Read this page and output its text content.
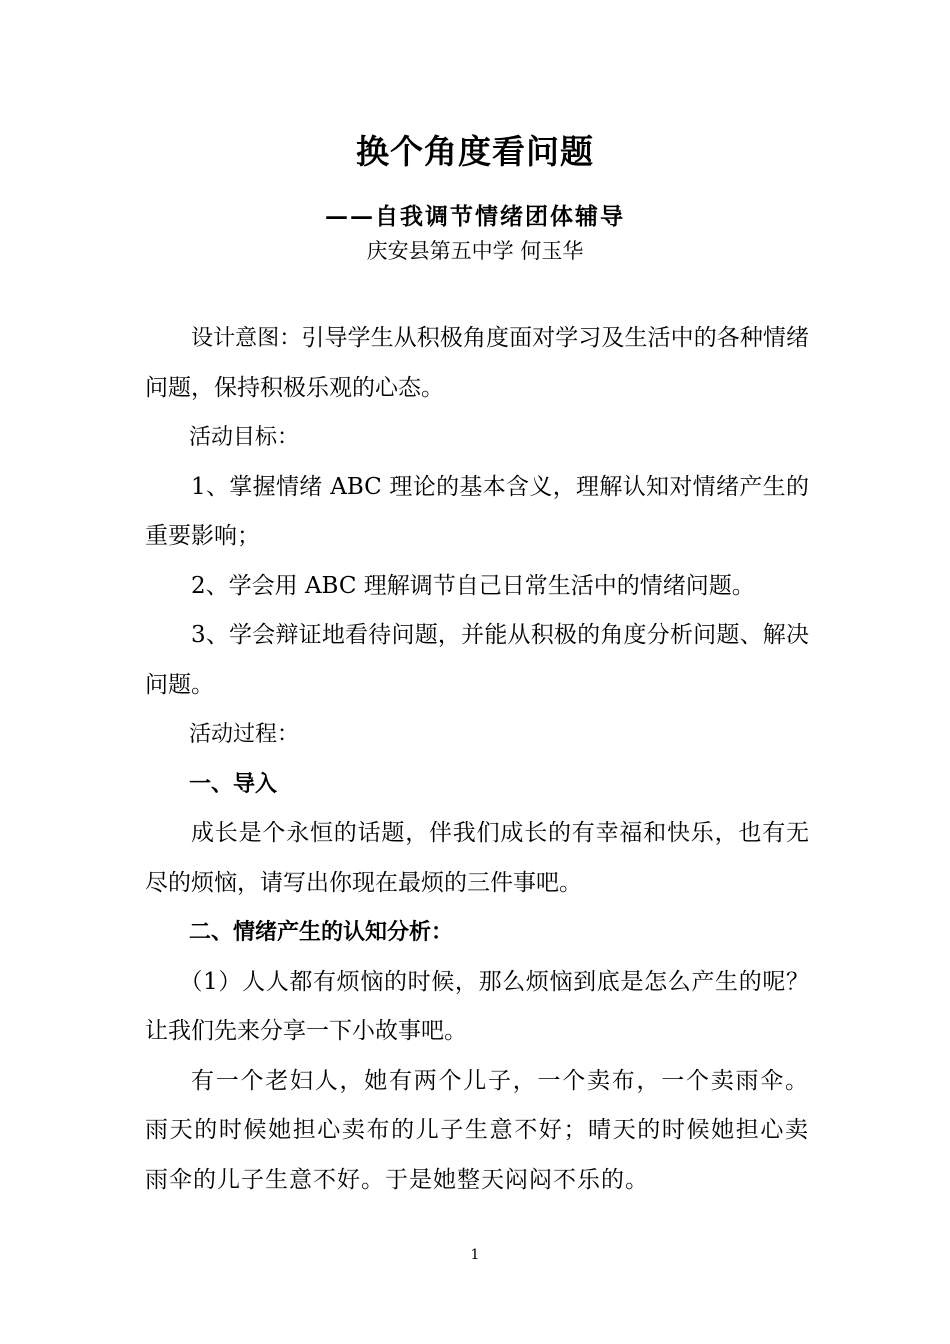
换个角度看问题
——自我调节情绪团体辅导
庆安县第五中学 何玉华

设计意图：引导学生从积极角度面对学习及生活中的各种情绪问题，保持积极乐观的心态。

活动目标：

1、掌握情绪 ABC 理论的基本含义，理解认知对情绪产生的重要影响；

2、学会用 ABC 理解调节自己日常生活中的情绪问题。

3、学会辩证地看待问题，并能从积极的角度分析问题、解决问题。

活动过程：

一、导入

成长是个永恒的话题，伴我们成长的有幸福和快乐，也有无尽的烦恼，请写出你现在最烦的三件事吧。

二、情绪产生的认知分析：

（1）人人都有烦恼的时候，那么烦恼到底是怎么产生的呢？让我们先来分享一下小故事吧。

有一个老妇人，她有两个儿子，一个卖布，一个卖雨伞。雨天的时候她担心卖布的儿子生意不好；晴天的时候她担心卖雨伞的儿子生意不好。于是她整天闷闷不乐的。

1
